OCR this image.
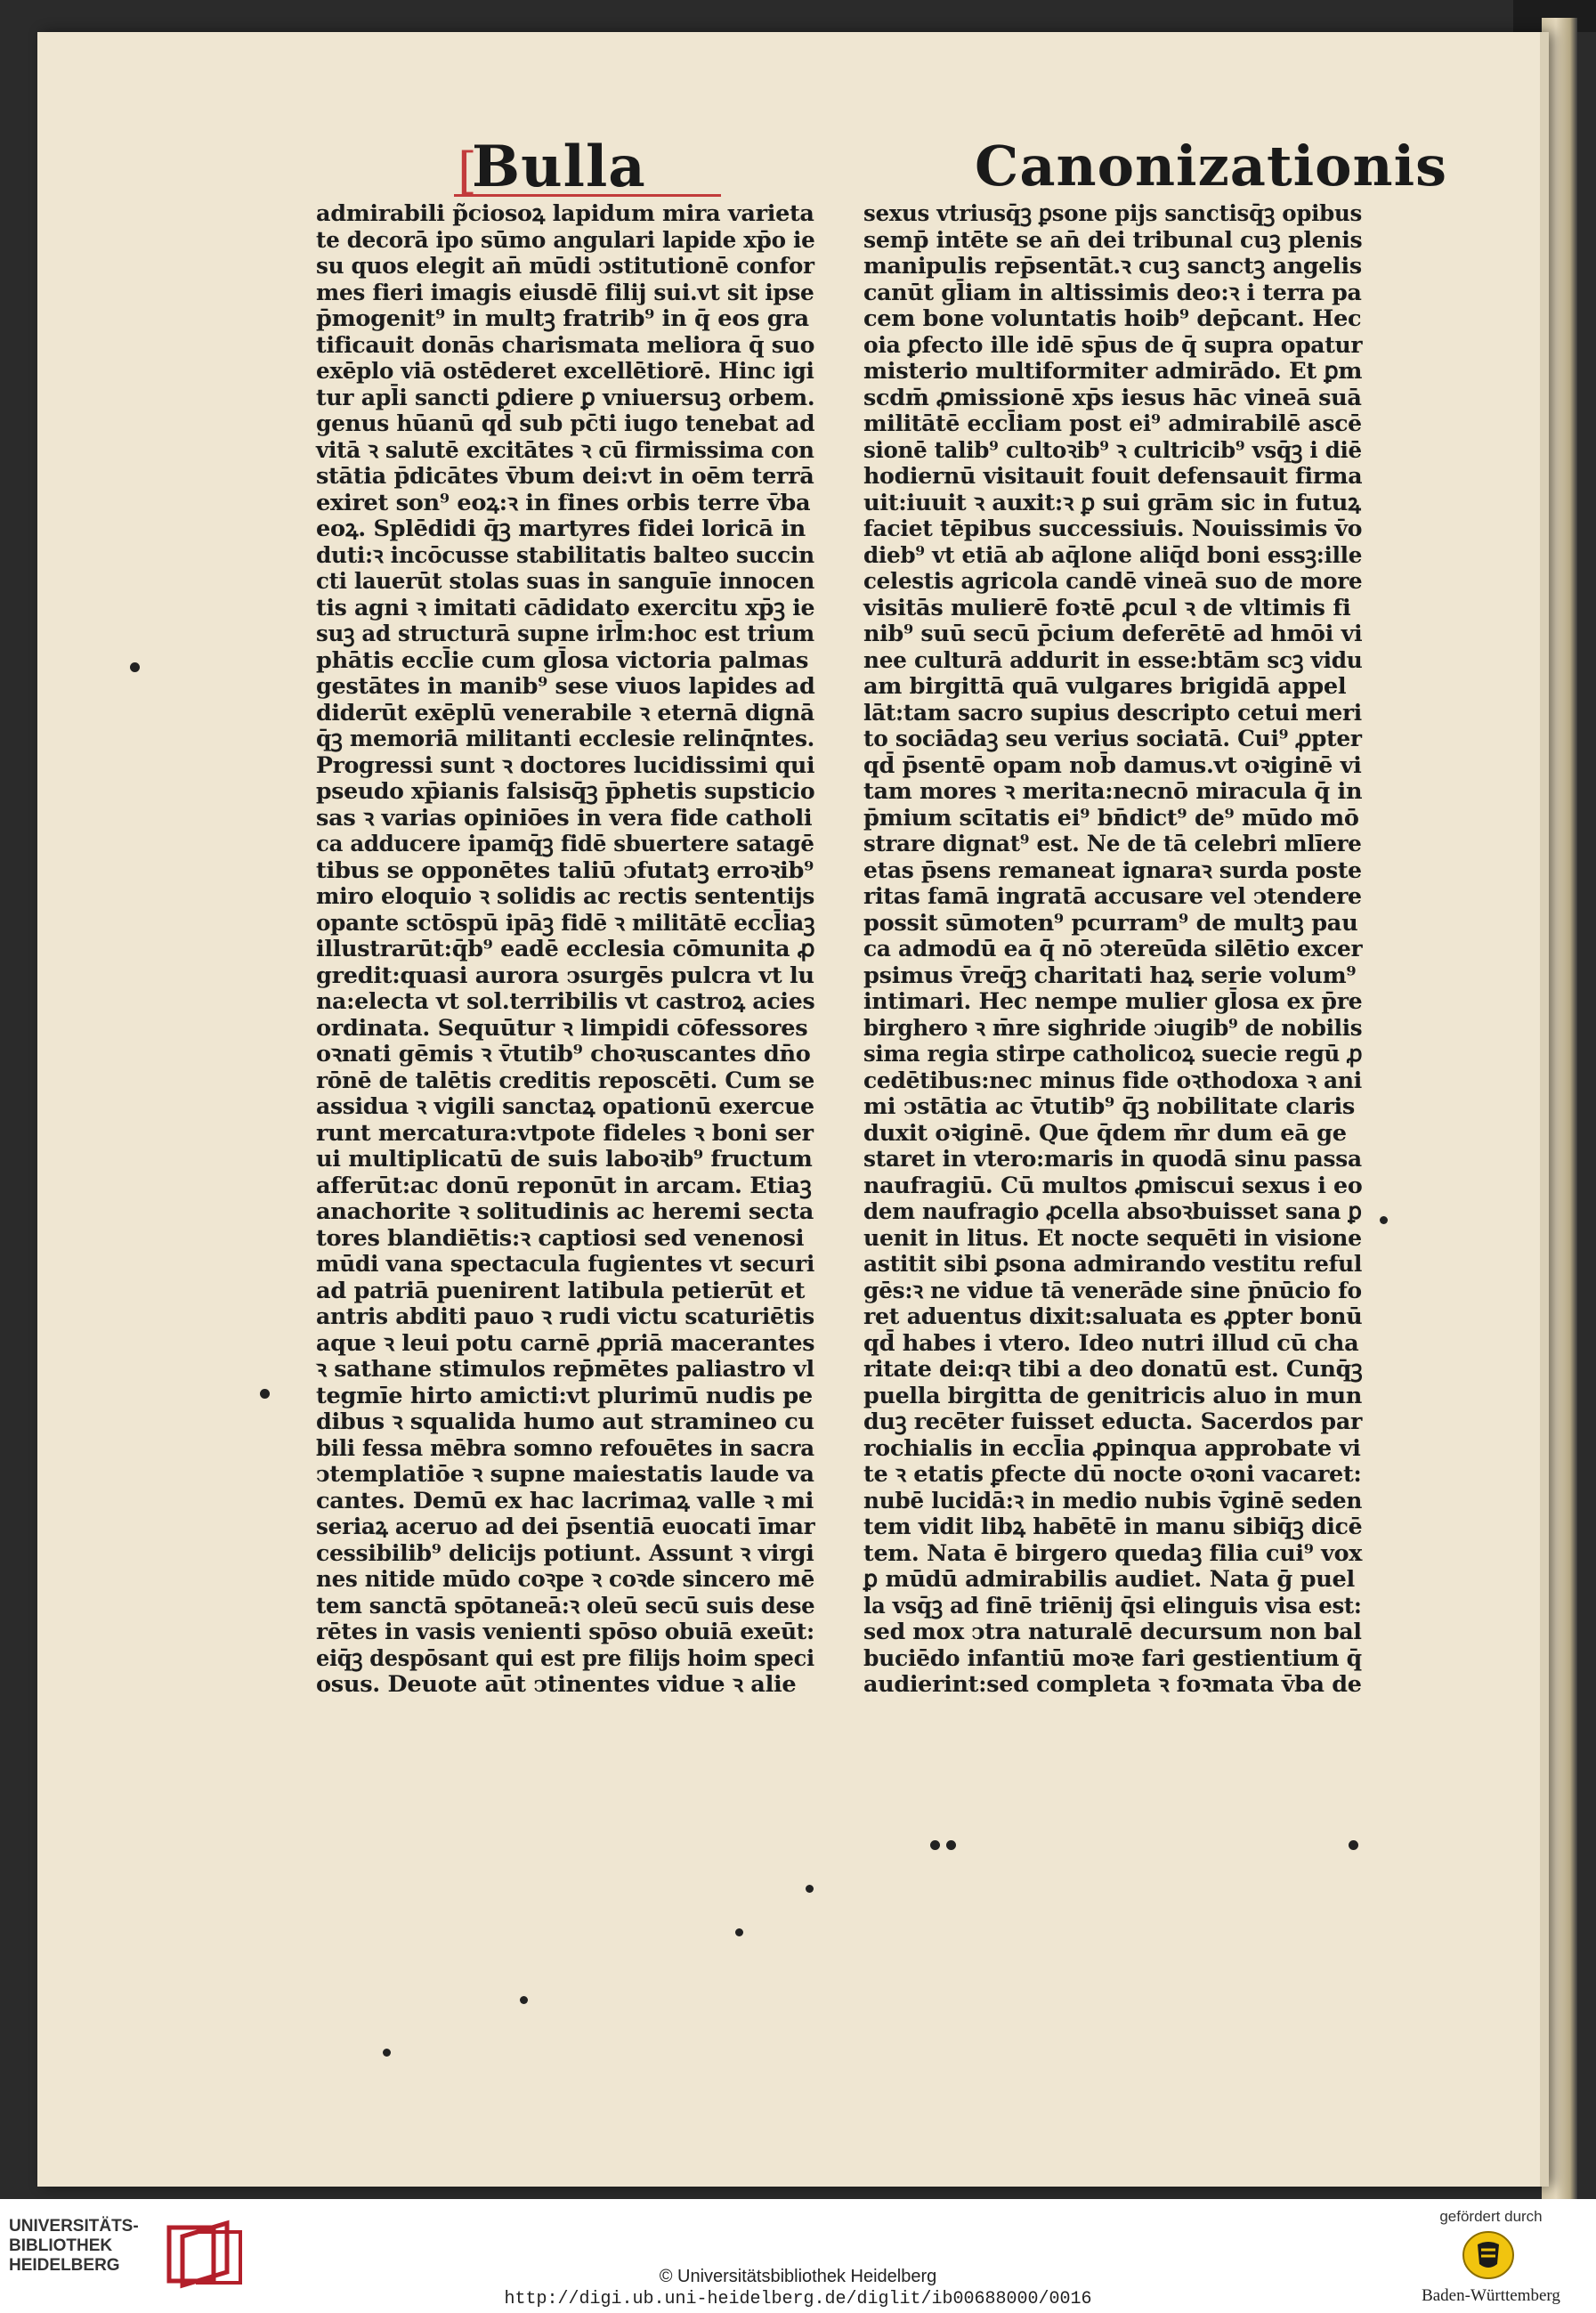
[
Bulla	Canonizationis
admirabili p̃ciosoꝝ lapidum mira varieta
te decorā ipo sūmo angulari lapide xp̄o ie
su quos elegit an̄ mūdi ↄstitutionē confor
mes fieri imagis eiusdē filij sui.vt sit ipse
p̄mogenit⁹ in multꝫ fratrib⁹ in q̄ eos gra
tificauit donās charismata meliora q̄ suo
exēplo viā ostēderet excellētiorē. Hinc igi
tur apl̄i sancti ꝑdiere ꝑ vniuersuꝫ orbem.
genus hūanū qd̄ sub pc̄ti iugo tenebat ad
vitā ꝛ salutē excitātes ꝛ cū firmissima con
stātia p̄dicātes v̄bum dei:vt in oēm terrā
exiret son⁹ eoꝝ:ꝛ in fines orbis terre v̄ba
eoꝝ. Splēdidi q̄ꝫ martyres fidei loricā in
duti:ꝛ incōcusse stabilitatis balteo succin
cti lauerūt stolas suas in sanguīe innocen
tis agni ꝛ imitati cādidato exercitu xp̄ꝫ ie
suꝫ ad structurā supne irl̄m:hoc est trium
phātis eccl̄ie cum gl̄osa victoria palmas
gestātes in manib⁹ sese viuos lapides ad
diderūt exēplū venerabile ꝛ eternā dignā
q̄ꝫ memoriā militanti ecclesie relinq̄ntes.
Progressi sunt ꝛ doctores lucidissimi qui
pseudo xp̄ianis falsisq̄ꝫ p̄phetis supsticio
sas ꝛ varias opiniōes in vera fide catholi
ca adducere ipamq̄ꝫ fidē sbuertere satagē
tibus se opponētes taliū ↄfutatꝫ erroꝛib⁹
miro eloquio ꝛ solidis ac rectis sententijs
opante sctōspū ipāꝫ fidē ꝛ militātē eccl̄iaꝫ
illustrarūt:q̄b⁹ eadē ecclesia cōmunita ꝓ
gredit:quasi aurora ↄsurgēs pulcra vt lu
na:electa vt sol.terribilis vt castroꝝ acies
ordinata. Sequūtur ꝛ limpidi cōfessores
oꝛnati gēmis ꝛ v̄tutib⁹ choꝛuscantes dn̄o
rōnē de talētis creditis reposcēti. Cum se
assidua ꝛ vigili sanctaꝝ opationū exercue
runt mercatura:vtpote fideles ꝛ boni ser
ui multiplicatū de suis laboꝛib⁹ fructum
afferūt:ac donū reponūt in arcam. Etiaꝫ
anachorite ꝛ solitudinis ac heremi secta
tores blandiētis:ꝛ captiosi sed venenosi
mūdi vana spectacula fugientes vt securi
ad patriā puenirent latibula petierūt et
antris abditi pauo ꝛ rudi victu scaturiētis
aque ꝛ leui potu carnē ꝓpriā macerantes
ꝛ sathane stimulos rep̄mētes paliastro vl
tegmīe hirto amicti:vt plurimū nudis pe
dibus ꝛ squalida humo aut stramineo cu
bili fessa mēbra somno refouētes in sacra
ↄtemplatiōe ꝛ supne maiestatis laude va
cantes. Demū ex hac lacrimaꝝ valle ꝛ mi
seriaꝝ aceruo ad dei p̄sentiā euocati īmar
cessibilib⁹ delicijs potiunt. Assunt ꝛ virgi
nes nitide mūdo coꝛpe ꝛ coꝛde sincero mē
tem sanctā spōtaneā:ꝛ oleū secū suis dese
rētes in vasis venienti spōso obuiā exeūt:
eiq̄ꝫ despōsant qui est pre filijs hoim speci
osus. Deuote aūt ↄtinentes vidue ꝛ alie
sexus vtriusq̄ꝫ ꝑsone pijs sanctisq̄ꝫ opibus
semp̄ intēte se an̄ dei tribunal cuꝫ plenis
manipulis rep̄sentāt.ꝛ cuꝫ sanctꝫ angelis
canūt gl̄iam in altissimis deo:ꝛ i terra pa
cem bone voluntatis hoib⁹ dep̄cant. Hec
oia ꝑfecto ille idē sp̄us de q̄ supra opatur
misterio multiformiter admirādo. Et ꝑm
scdm̄ ꝓmissionē xp̄s iesus hāc vineā suā
militātē eccl̄iam post ei⁹ admirabilē ascē
sionē talib⁹ cultoꝛib⁹ ꝛ cultricib⁹ vsq̄ꝫ i diē
hodiernū visitauit fouit defensauit firma
uit:iuuit ꝛ auxit:ꝛ ꝑ sui grām sic in futuꝝ
faciet tēpibus successiuis. Nouissimis v̄o
dieb⁹ vt etiā ab aq̄lone aliq̄d boni essꝫ:ille
celestis agricola candē vineā suo de more
visitās mulierē foꝛtē ꝓcul ꝛ de vltimis fi
nib⁹ suū secū p̄cium deferētē ad hmōi vi
nee culturā addurit in esse:btām scꝫ vidu
am birgittā quā vulgares brigidā appel
lāt:tam sacro supius descripto cetui meri
to sociādaꝫ seu verius sociatā. Cui⁹ ꝓpter
qd̄ p̄sentē opam nob̄ damus.vt oꝛiginē vi
tam mores ꝛ merita:necnō miracula q̄ in
p̄mium scītatis ei⁹ bn̄dict⁹ de⁹ mūdo mō
strare dignat⁹ est. Ne de tā celebri mlīere
etas p̄sens remaneat ignaraꝛ surda poste
ritas famā ingratā accusare vel ↄtendere
possit sūmoten⁹ pcurram⁹ de multꝫ pau
ca admodū ea q̄ nō ↄtereūda silētio excer
psimus v̄req̄ꝫ charitati haꝝ serie volum⁹
intimari. Hec nempe mulier gl̄osa ex p̄re
birghero ꝛ m̄re sighride ↄiugib⁹ de nobilis
sima regia stirpe catholicoꝝ suecie regū ꝓ
cedētibus:nec minus fide oꝛthodoxa ꝛ ani
mi ↄstātia ac v̄tutib⁹ q̄ꝫ nobilitate claris
duxit oꝛiginē. Que q̄dem m̄r dum eā ge
staret in vtero:maris in quodā sinu passa
naufragiū. Cū multos ꝓmiscui sexus i eo
dem naufragio ꝓcella absoꝛbuisset sana ꝑ
uenit in litus. Et nocte sequēti in visione
astitit sibi ꝑsona admirando vestitu reful
gēs:ꝛ ne vidue tā venerāde sine p̄nūcio fo
ret aduentus dixit:saluata es ꝓpter bonū
qd̄ habes i vtero. Ideo nutri illud cū cha
ritate dei:qꝛ tibi a deo donatū est. Cunq̄ꝫ
puella birgitta de genitricis aluo in mun
duꝫ recēter fuisset educta. Sacerdos par
rochialis in eccl̄ia ꝓpinqua approbate vi
te ꝛ etatis ꝑfecte dū nocte oꝛoni vacaret:
nubē lucidā:ꝛ in medio nubis v̄ginē seden
tem vidit libꝝ habētē in manu sibiq̄ꝫ dicē
tem. Nata ē birgero quedaꝫ filia cui⁹ vox
ꝑ mūdū admirabilis audiet. Nata ḡ puel
la vsq̄ꝫ ad finē triēnij q̄si elinguis visa est:
sed mox ↄtra naturalē decursum non bal
buciēdo infantiū moꝛe fari gestientium q̄
audierint:sed completa ꝛ foꝛmata v̄ba de
UNIVERSITÄTS-
BIBLIOTHEK
HEIDELBERG
© Universitätsbibliothek Heidelberg
http://digi.ub.uni-heidelberg.de/diglit/ib00688000/0016
gefördert durch
Baden-Württemberg
